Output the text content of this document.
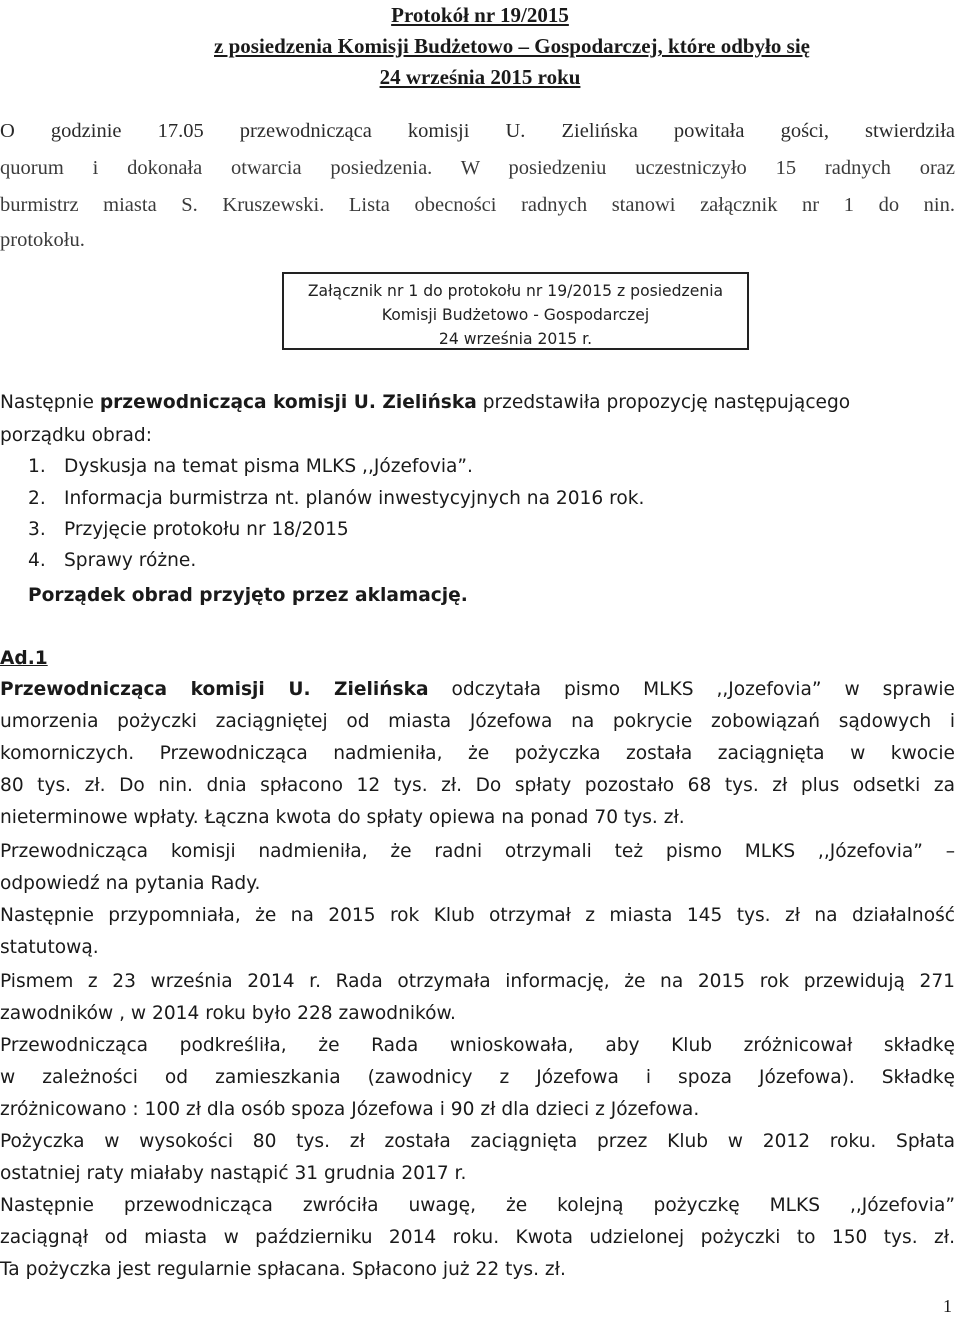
Protokół nr 19/2015
z posiedzenia Komisji Budżetowo – Gospodarczej, które odbyło się
24 września 2015 roku
O godzinie 17.05 przewodnicząca komisji U. Zielińska powitała gości, stwierdziła
quorum i dokonała otwarcia posiedzenia. W posiedzeniu uczestniczyło 15 radnych oraz
burmistrz miasta S. Kruszewski. Lista obecności radnych stanowi załącznik nr 1 do nin.
protokołu.
Załącznik nr 1 do protokołu nr 19/2015 z posiedzenia
Komisji Budżetowo - Gospodarczej
24 września 2015 r.
Następnie przewodnicząca komisji U. Zielińska przedstawiła propozycję następującego
porządku obrad:
1. Dyskusja na temat pisma MLKS ,,Józefovia”.
2. Informacja burmistrza nt. planów inwestycyjnych na 2016 rok.
3. Przyjęcie protokołu nr 18/2015
4. Sprawy różne.
Porządek obrad przyjęto przez aklamację.
Ad.1
Przewodnicząca komisji U. Zielińska odczytała pismo MLKS ,,Jozefovia” w sprawie
umorzenia pożyczki zaciągniętej od miasta Józefowa na pokrycie zobowiązań sądowych i
komorniczych. Przewodnicząca nadmieniła, że pożyczka została zaciągnięta w kwocie
80 tys. zł. Do nin. dnia spłacono 12 tys. zł. Do spłaty pozostało 68 tys. zł plus odsetki za
nieterminowe wpłaty. Łączna kwota do spłaty opiewa na ponad 70 tys. zł.
Przewodnicząca komisji nadmieniła, że radni otrzymali też pismo MLKS ,,Józefovia” –
odpowiedź na pytania Rady.
Następnie przypomniała, że na 2015 rok Klub otrzymał z miasta 145 tys. zł na działalność
statutową.
Pismem z 23 września 2014 r. Rada otrzymała informację, że na 2015 rok przewidują 271
zawodników , w 2014 roku było 228 zawodników.
Przewodnicząca podkreśliła, że Rada wnioskowała, aby Klub zróżnicował składkę
w zależności od zamieszkania (zawodnicy z Józefowa i spoza Józefowa). Składkę
zróżnicowano : 100 zł dla osób spoza Józefowa i 90 zł dla dzieci z Józefowa.
Pożyczka w wysokości 80 tys. zł została zaciągnięta przez Klub w 2012 roku. Spłata
ostatniej raty miałaby nastąpić 31 grudnia 2017 r.
Następnie przewodnicząca zwróciła uwagę, że kolejną pożyczkę MLKS ,,Józefovia”
zaciągnął od miasta w październiku 2014 roku. Kwota udzielonej pożyczki to 150 tys. zł.
Ta pożyczka jest regularnie spłacana. Spłacono już 22 tys. zł.
1
